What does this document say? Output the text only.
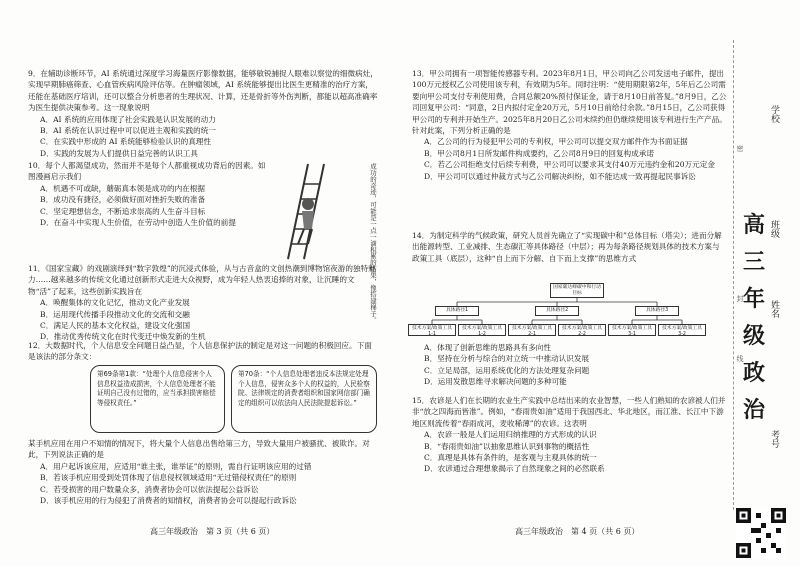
9．在辅助诊断环节，AI 系统通过深度学习海量医疗影像数据，能够敏锐捕捉人眼难以察觉的细微病灶，实现早期肺癌筛查、心血管疾病风险评估等。在肿瘤领域，AI 系统能够提出比医生更精准的治疗方案，还能在基础医疗培训，还可以整合分析患者的生理状况、计算，还是骨折等外伤判断，都能以超高准确率为医生提供决策参考。这一现象说明

A．AI 系统的应用体现了社会实践是认识发展的动力

B．AI 系统在认识过程中可以促进主观和实践的统一

C．在实践中形成的 AI 系统能够检验认识的真理性

D．实践的发展为人们提供日益完善的认识工具

10．每个人都渴望成功，然而并不是每个人都重视成功背后的因素。如图漫画启示我们

A．机遇不可或缺，蘑砺真本领是成功的内在根据

B．成功没有捷径，必须做好面对挫折失败的准备

C．坚定理想信念，不断追求崇高的人生奋斗目标

D．在奋斗中实现人生价值，在劳动中创造人生价值的前提	成功的奇迹，可能是一点一滴积累的结果，像搭建梯子。

11．《国家宝藏》的戏剧演绎到“数字敦煌”的沉浸式体验，从与古音盒的文创热潮到博物馆夜游的独特魅力……越来越多的传统文化通过创新形式走进大众视野，成为年轻人热衷追捧的对象，让沉睡的文物“活”了起来，这些创新实践旨在

A．唤醒集体的文化记忆，推动文化产业发展

B．运用现代传播手段推动文化的交流和交融

C．满足人民的基本文化权益，建设文化强国

D．推动优秀传统文化在时代变迁中焕发新的生机

12．大数据时代，个人信息安全问题日益凸显，个人信息保护法的制定是对这一问题的积极回应。下面是该法的部分条文：

第69条第1款：“处理个人信息侵害个人信息权益造成损害，个人信息处理者不能证明自己没有过错的，应当承担损害赔偿等侵权责任。”
第70条：“个人信息处理者违反本法规定处理个人信息，侵害众多个人的权益的，人民检察院、法律规定的消费者组织和国家网信部门确定的组织可以依法向人民法院提起诉讼。”

某手机应用在用户不知情的情况下，将大量个人信息出售给第三方，导致大量用户被骚扰、被欺诈。对此，下列说法正确的是

A．用户起诉该应用，应适用“谁主张，谁举证”的原则，需自行证明该应用的过错

B．若该手机应用受到处罚体现了信息侵权领域适用“无过错侵权责任”的原则

C．若受损害的用户数量众多，消费者协会可以依法提起公益诉讼

D．该手机应用的行为侵犯了消费者的知情权，消费者协会可以提起行政诉讼

高三年级政治　第 3 页（共 6 页）

13．甲公司拥有一项智能传感器专利。2023年8月1日，甲公司向乙公司发送电子邮件，提出100万元授权乙公司使用该专利，有效期为5年。同时注明：“使用期限第2年，5年后乙公司需要向甲公司支付专利使用费，合同总额20%预付保证金，请于8月10日前答复。”8月9日，乙公司回复甲公司：“同意，2日内拟付定金20万元，5月10日前给付余款。”8月15日，乙公司获得甲公司的专利并开始生产。2025年8月20日乙公司未续约但仍继续使用该专利进行生产产品。针对此案，下列分析正确的是

A．乙公司的行为侵犯甲公司的专利权，甲公司可以提交双方邮件作为书面证据

B．甲公司8月1日所发邮件构成要约，乙公司8月9日的回复构成承诺

C．若乙公司拒绝支付后续专利费，甲公司可以要求其支付40万元违约金和20万元定金

D．甲公司可以通过仲裁方式与乙公司解决纠纷，如不能达成一致再提起民事诉讼

14．为制定科学的气候政策，研究人员首先确立了“实现碳中和”总体目标（塔尖）；进而分解出能源转型、工业减排、生态碳汇等具体路径（中层）；再为每条路径规划具体的技术方案与政策工具（底层），这种“自上而下分解、自下而上支撑”的思维方式

国家碳达峰碳中和行动目标
具体路径1	具体路径2	具体路径3
技术方案/政策工具1-1
技术方案/政策工具1-2
技术方案/政策工具2-1
技术方案/政策工具2-2
技术方案/政策工具3-1
技术方案/政策工具3-2

A．体现了创新思维的思路具有多向性

B．坚持在分析与综合的对立统一中推动认识发展

C．立足局部，运用系统优化的方法处理复杂问题

D．运用发散思维寻求解决问题的多种可能

15．农谚是人们在长期的农业生产实践中总结出来的农业智慧，一些人们熟知的农谚被人们并非“放之四海而皆准”。例如，“春雨贵如油”适用于我国西北、华北地区，而江淮、长江中下游地区则流传着“春雨成河，麦收稀薄”的农谚。这表明

A．农谚一般是人们运用归纳推理的方式形成的认识

B．“春雨贵如油”以抽象思维认识到事物的概括性

C．真理是具体有条件的，是客观与主观具体的统一

D．农谚通过合理想象揭示了自然现象之间的必然联系

高三年级政治　第 4 页（共 6 页）
学校
班级
姓名
考号
密
封
线
高
三
年
级
政
治
